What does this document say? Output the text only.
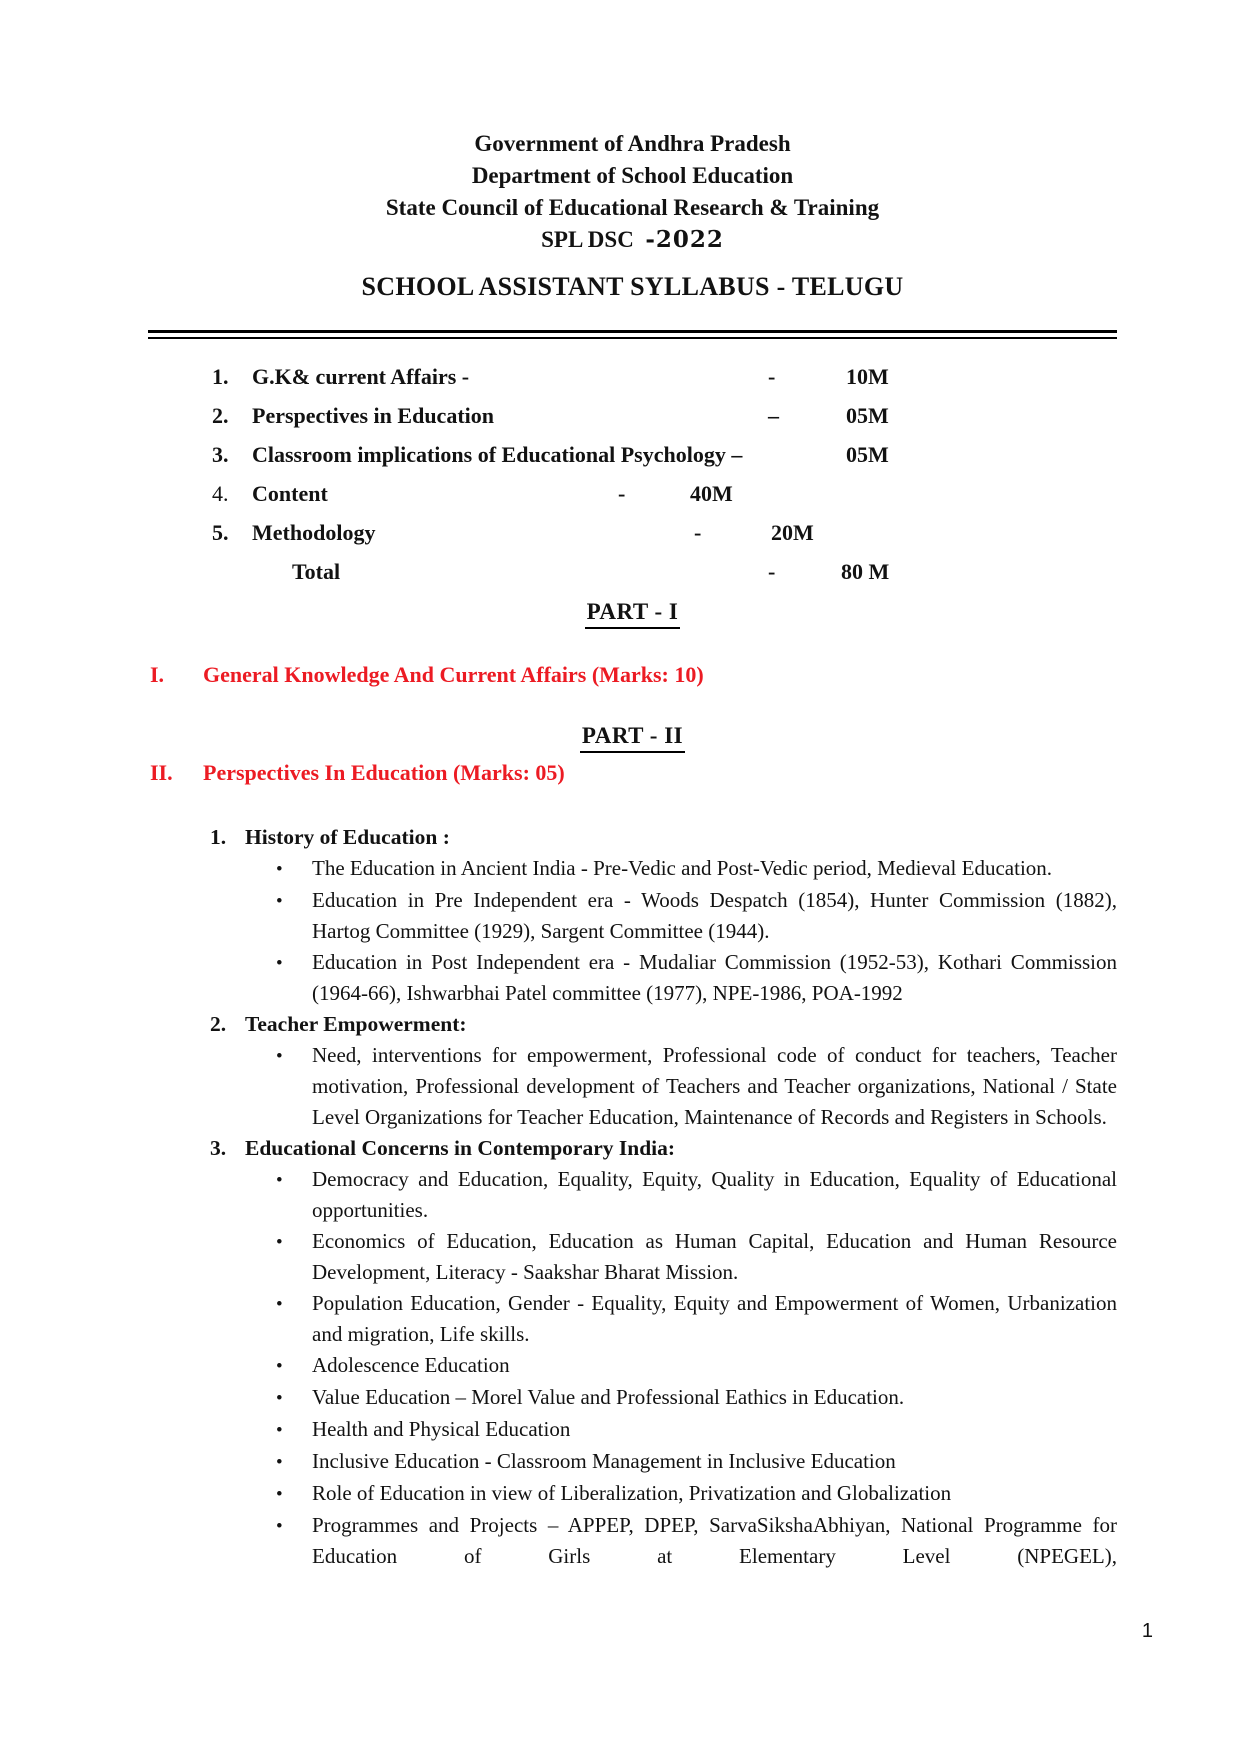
Government of Andhra Pradesh
Department of School Education
State Council of Educational Research & Training
SPL DSC -2022
SCHOOL ASSISTANT SYLLABUS - TELUGU
1. G.K& current Affairs -	-	10M
2. Perspectives in Education	–	05M
3. Classroom implications of Educational Psychology –	05M
4. Content	-	40M
5. Methodology	-	20M
Total	-	80 M
PART - I
I. General Knowledge And Current Affairs (Marks: 10)
PART - II
II. Perspectives In Education (Marks: 05)
1. History of Education :
•
The Education in Ancient India - Pre-Vedic and Post-Vedic period, Medieval Education.
•
Education in Pre Independent era - Woods Despatch (1854), Hunter Commission (1882), Hartog Committee (1929), Sargent Committee (1944).
•
Education in Post Independent era - Mudaliar Commission (1952-53), Kothari Commission (1964-66), Ishwarbhai Patel committee (1977), NPE-1986, POA-1992
2. Teacher Empowerment:
•
Need, interventions for empowerment, Professional code of conduct for teachers, Teacher motivation, Professional development of Teachers and Teacher organizations, National / State Level Organizations for Teacher Education, Maintenance of Records and Registers in Schools.
3. Educational Concerns in Contemporary India:
•
Democracy and Education, Equality, Equity, Quality in Education, Equality of Educational opportunities.
•
Economics of Education, Education as Human Capital, Education and Human Resource Development, Literacy - Saakshar Bharat Mission.
•
Population Education, Gender - Equality, Equity and Empowerment of Women, Urbanization and migration, Life skills.
•
Adolescence Education
•
Value Education – Morel Value and Professional Eathics in Education.
•
Health and Physical Education
•
Inclusive Education - Classroom Management in Inclusive Education
•
Role of Education in view of Liberalization, Privatization and Globalization
•
Programmes and Projects – APPEP, DPEP, SarvaSikshaAbhiyan, National Programme for Education of Girls at Elementary Level (NPEGEL),
1
